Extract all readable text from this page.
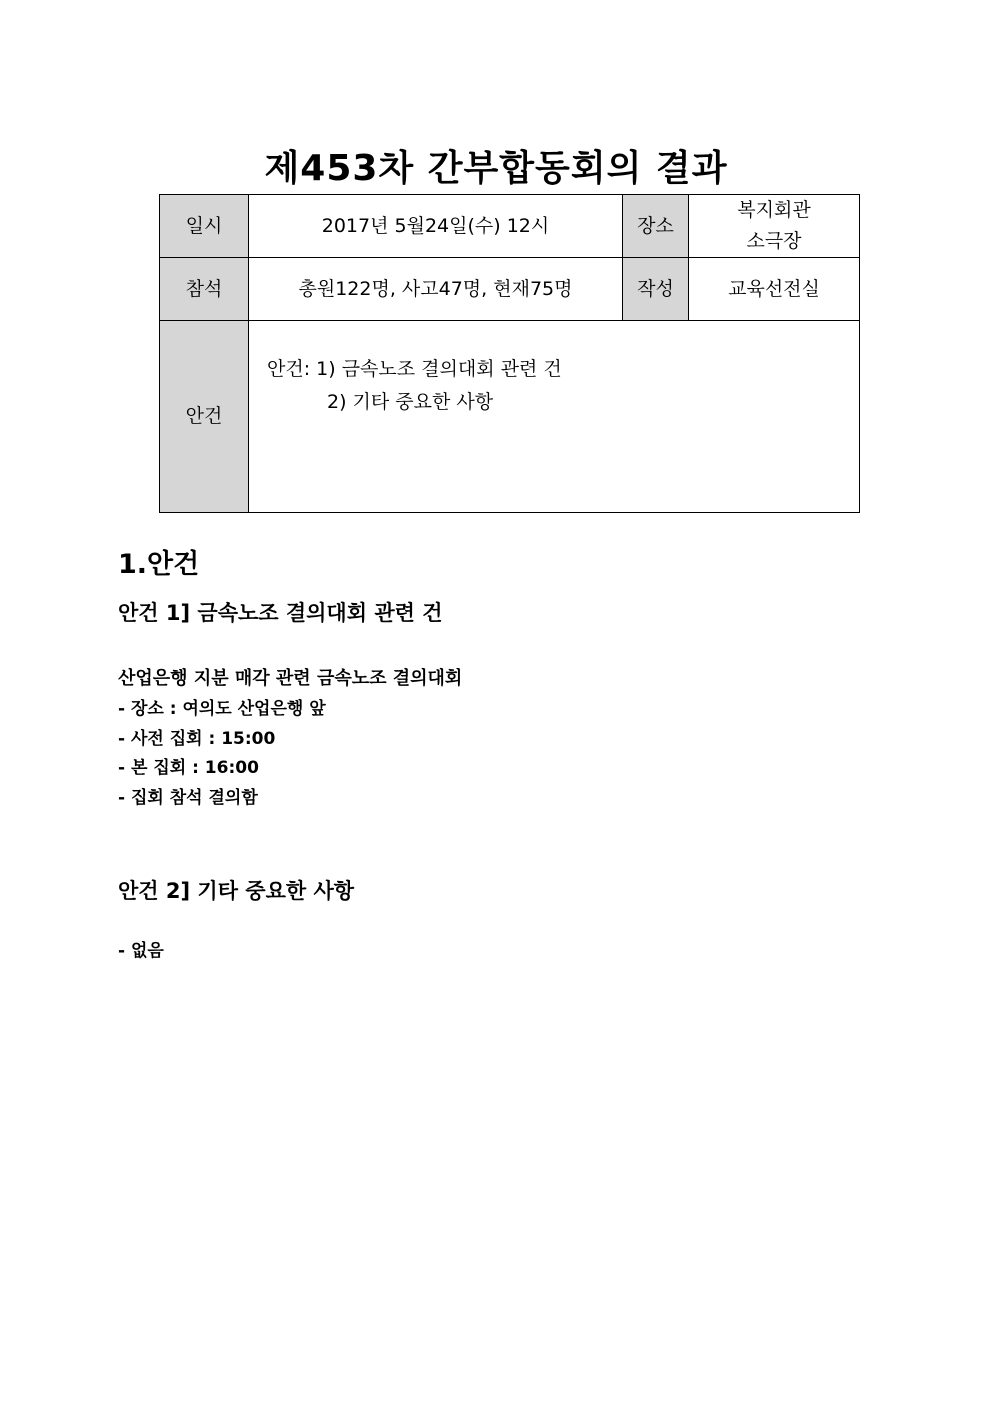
제453차 간부합동회의 결과
일시	2017년 5월24일(수) 12시	장소	복지회관
소극장

참석	총원122명, 사고47명, 현재75명	작성	교육선전실
안건	안건: 1) 금속노조 결의대회 관련 건
2) 기타 중요한 사항		
1.안건
안건 1] 금속노조 결의대회 관련 건
산업은행 지분 매각 관련 금속노조 결의대회
- 장소 : 여의도 산업은행 앞
- 사전 집회 : 15:00
- 본 집회 : 16:00
- 집회 참석 결의함
안건 2] 기타 중요한 사항
- 없음
